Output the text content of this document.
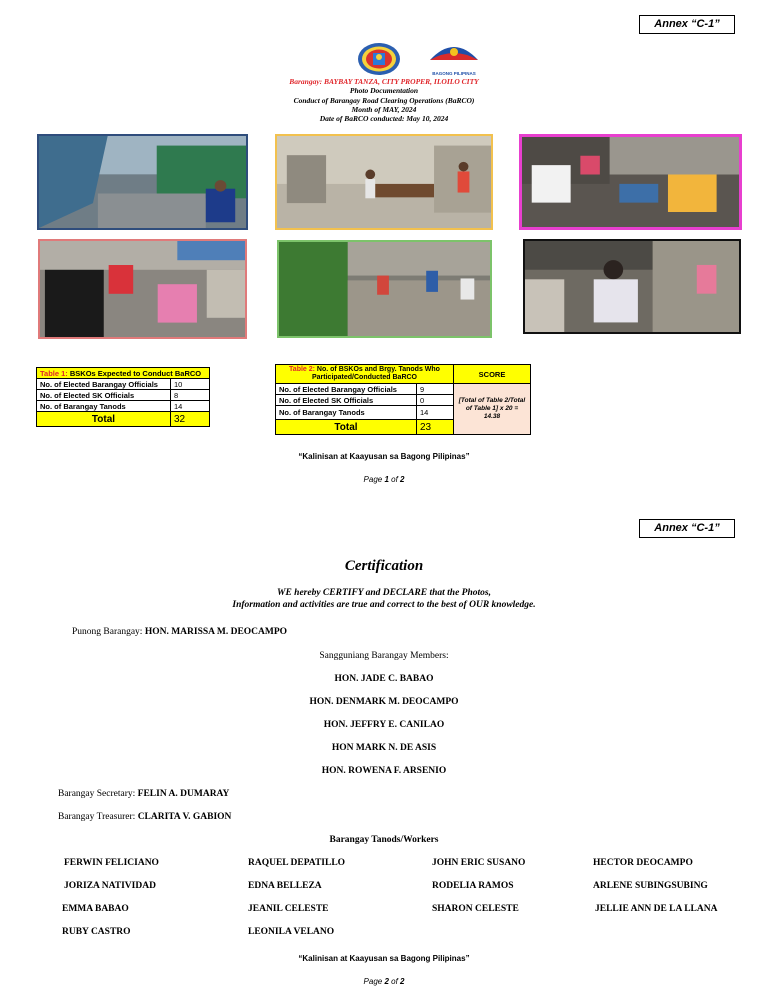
Annex “C-1”
BAGONG PILIPINAS
Barangay: BAYBAY TANZA, CITY PROPER, ILOILO CITY
Photo Documentation
Conduct of Barangay Road Clearing Operations (BaRCO)
Month of MAY, 2024
Date of BaRCO conducted: May 10, 2024
Table 1: BSKOs Expected to Conduct BaRCO	
No. of Elected Barangay Officials	10
No. of Elected SK Officials	8
No. of Barangay Tanods	14
Total	32
Table 2: No. of BSKOs and Brgy. Tanods Who Participated/Conducted BaRCO		SCORE
No. of Elected Barangay Officials	9	[Total of Table 2/Total of Table 1] x 20 = 14.38
No. of Elected SK Officials	0	
No. of Barangay Tanods	14	
Total	23	
“Kalinisan at Kaayusan sa Bagong Pilipinas”
Page 1 of 2
Annex “C-1”
Certification
WE hereby CERTIFY and DECLARE that the Photos,
Information and activities are true and correct to the best of OUR knowledge.
Punong Barangay: HON. MARISSA M. DEOCAMPO
Sangguniang Barangay Members:
HON. JADE C. BABAO
HON. DENMARK M. DEOCAMPO
HON. JEFFRY E. CANILAO
HON MARK N. DE ASIS
HON. ROWENA F. ARSENIO
Barangay Secretary: FELIN A. DUMARAY
Barangay Treasurer: CLARITA V. GABION
Barangay Tanods/Workers
FERWIN FELICIANO	RAQUEL DEPATILLO	JOHN ERIC SUSANO	HECTOR DEOCAMPO
JORIZA NATIVIDAD	EDNA BELLEZA	RODELIA RAMOS	ARLENE SUBINGSUBING
EMMA BABAO	JEANIL CELESTE	SHARON CELESTE	JELLIE ANN DE LA LLANA
RUBY CASTRO	LEONILA VELANO
“Kalinisan at Kaayusan sa Bagong Pilipinas”
Page 2 of 2
